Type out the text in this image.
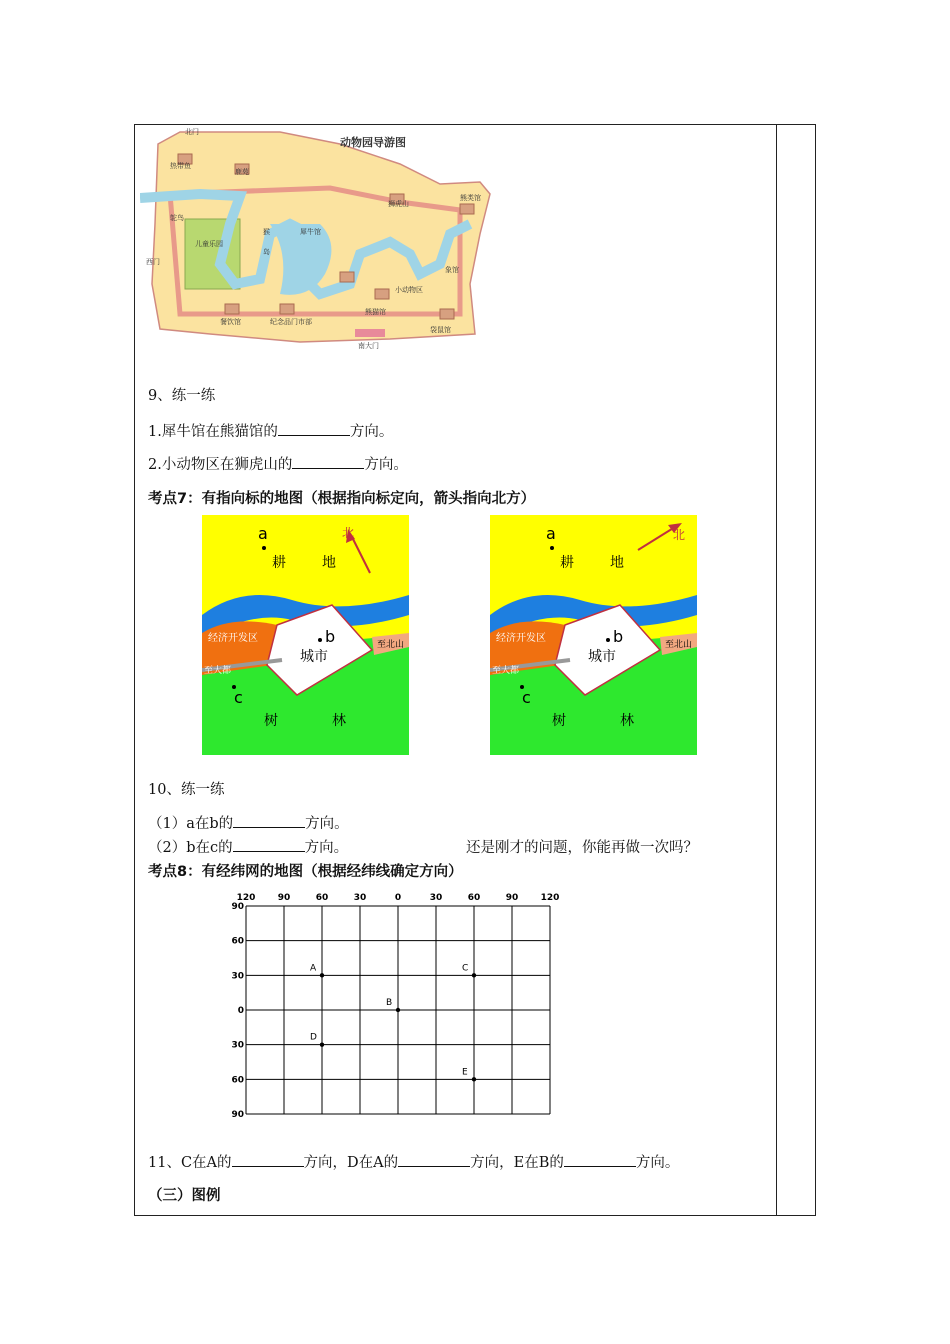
动物园导游图
北门
热带鱼
鹿苑
鸵鸟
儿童乐园
西门
猴
岛
犀牛馆
狮虎山
熊类馆
象馆
小动物区
熊猫馆
餐饮馆	纪念品门市部
袋鼠馆
南大门
9、练一练
1.犀牛馆在熊猫馆的	方向。
2.小动物区在狮虎山的	方向。
考点7：有指向标的地图（根据指向标定向，箭头指向北方）
a
b
c
耕	地
经济开发区
城市
树	林
至大都
至北山
北	a
b
c
耕	地
经济开发区
城市
树	林
至大都
至北山
北
10、练一练
（1）a在b的	方向。
（2）b在c的	方向。	还是刚才的问题，你能再做一次吗？
考点8：有经纬网的地图（根据经纬线确定方向）
120 90	60	30	0	30	60	90 120
90
60
30
0
30
60
90
A
B
C
D
E
11、C在A的	方向，D在A的	方向，E在B的	方向。
（三）图例
